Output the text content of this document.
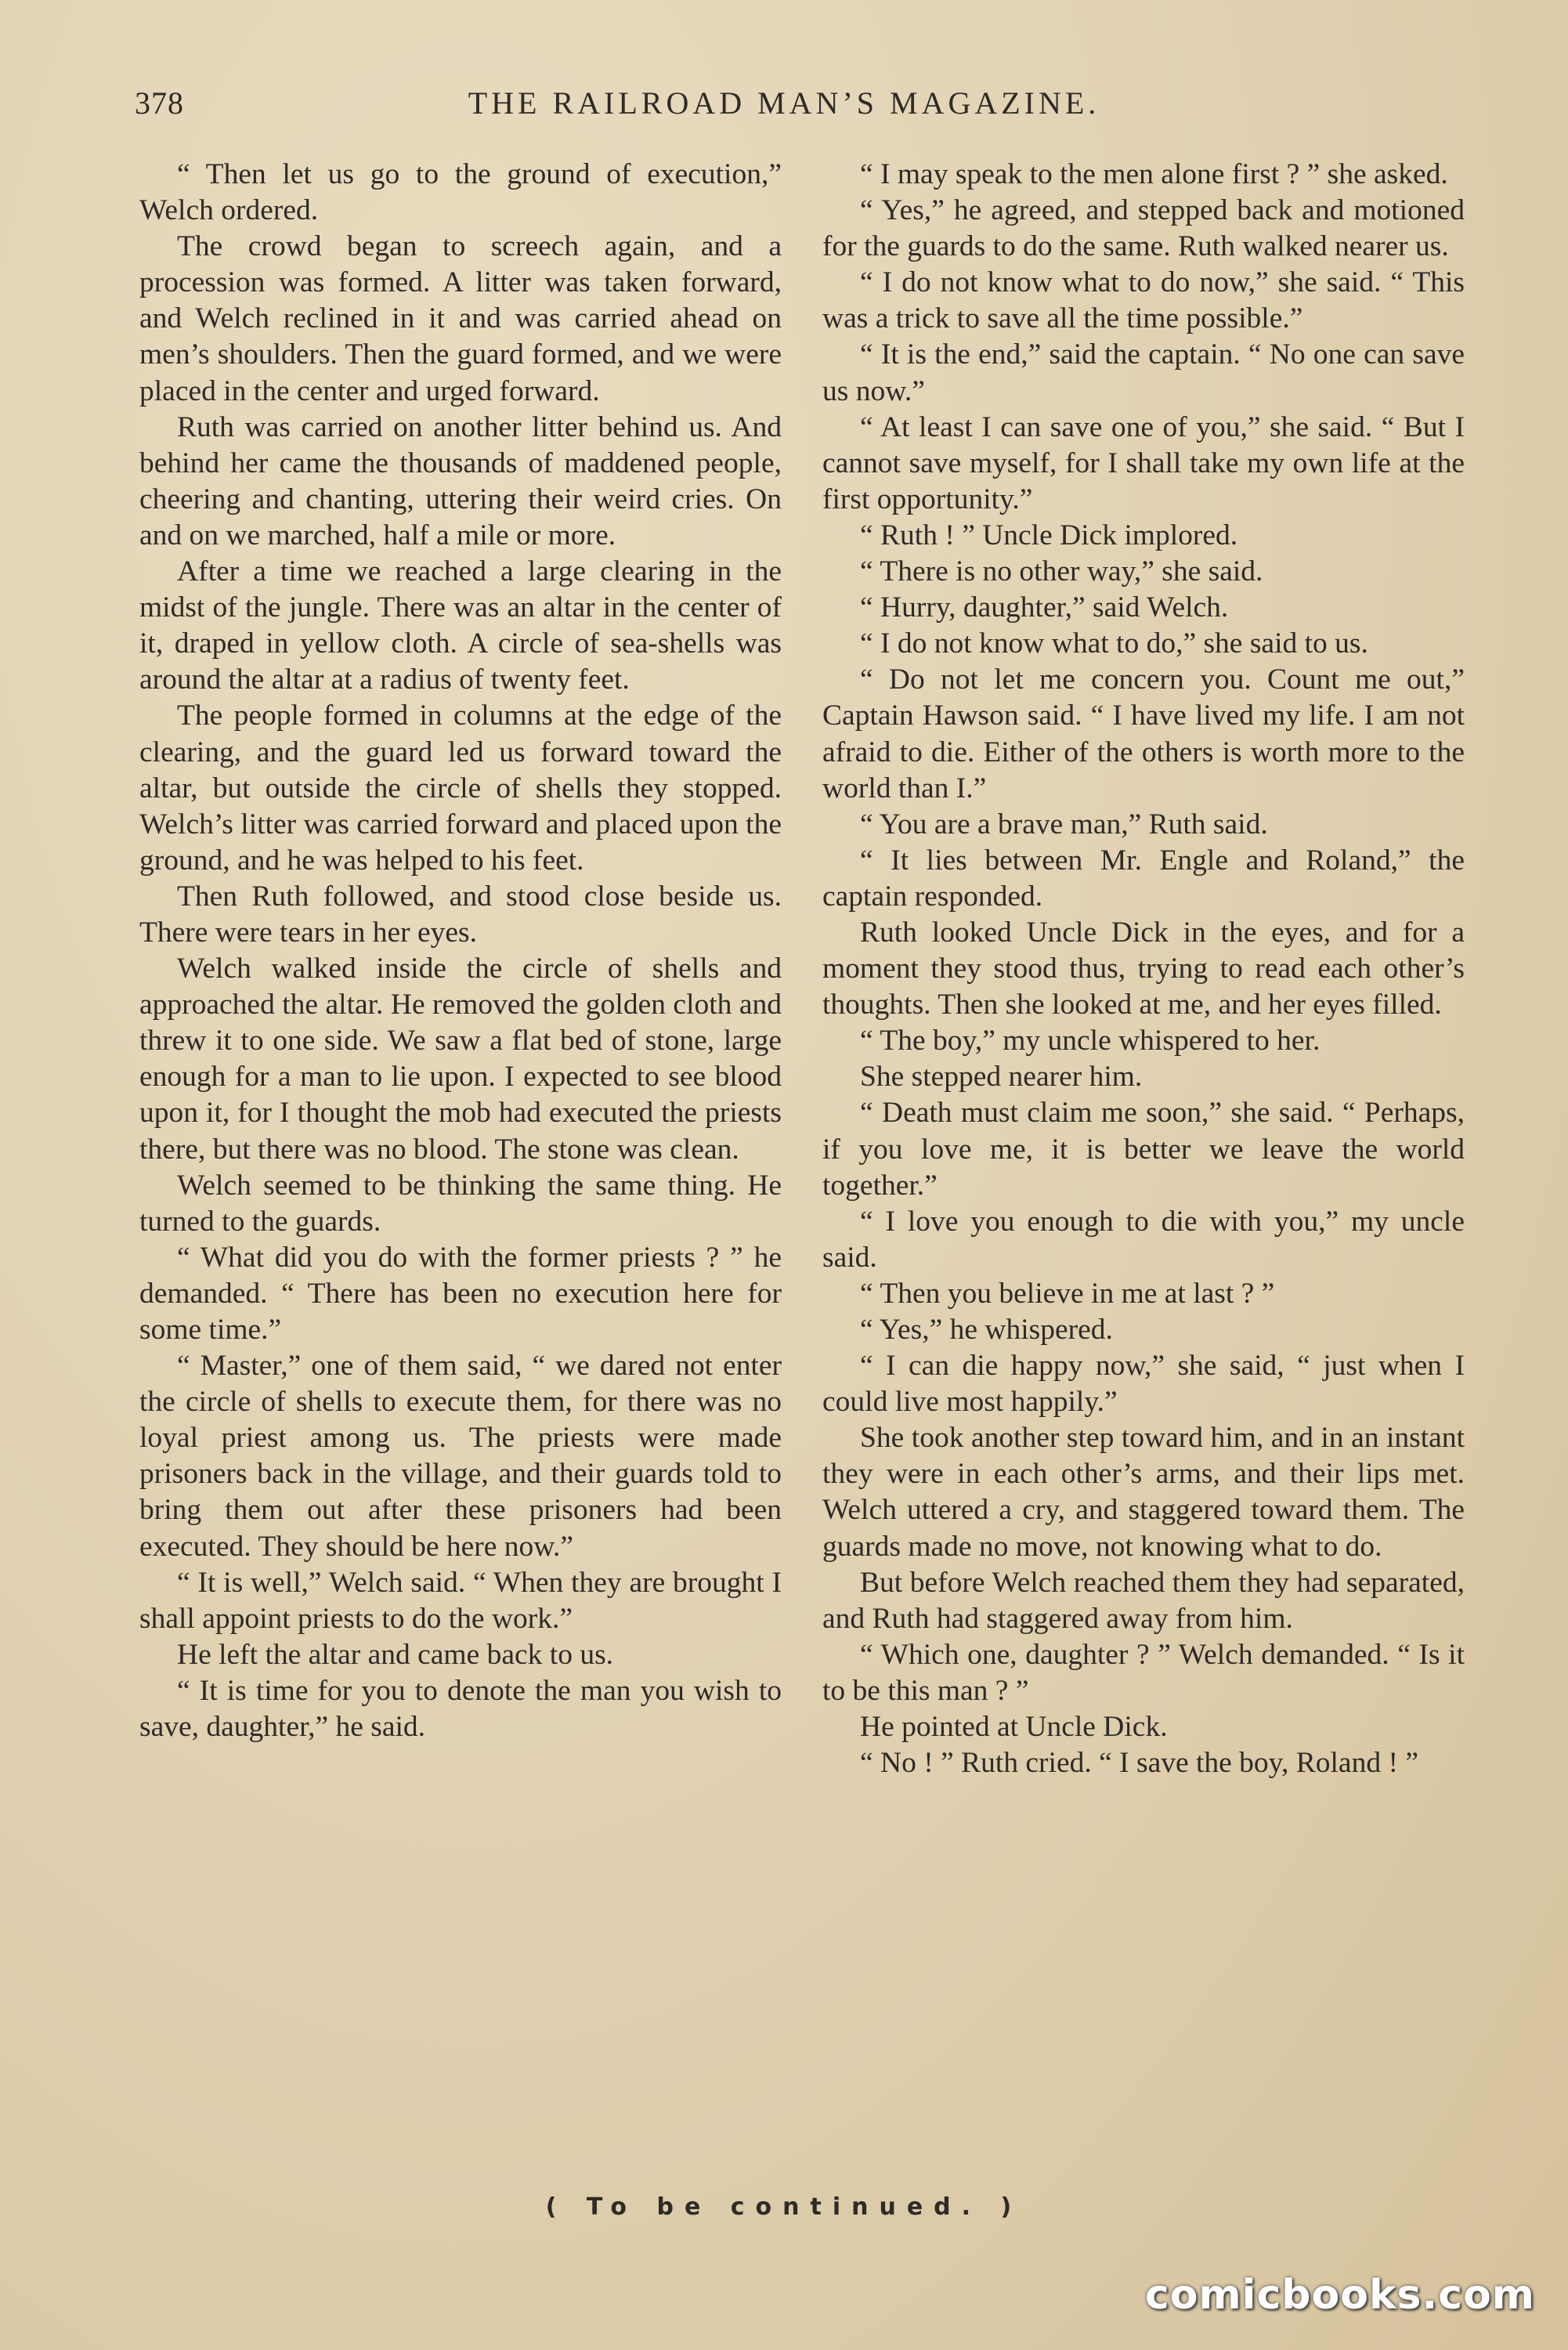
378	THE RAILROAD MAN’S MAGAZINE.

“ Then let us go to the ground of execution,” Welch ordered.

The crowd began to screech again, and a procession was formed. A litter was taken forward, and Welch reclined in it and was carried ahead on men’s shoulders. Then the guard formed, and we were placed in the center and urged forward.

Ruth was carried on another litter behind us. And behind her came the thousands of maddened people, cheering and chanting, uttering their weird cries. On and on we marched, half a mile or more.

After a time we reached a large clearing in the midst of the jungle. There was an altar in the center of it, draped in yellow cloth. A circle of sea-shells was around the altar at a radius of twenty feet.

The people formed in columns at the edge of the clearing, and the guard led us forward toward the altar, but outside the circle of shells they stopped. Welch’s litter was carried forward and placed upon the ground, and he was helped to his feet.

Then Ruth followed, and stood close beside us. There were tears in her eyes.

Welch walked inside the circle of shells and approached the altar. He removed the golden cloth and threw it to one side. We saw a flat bed of stone, large enough for a man to lie upon. I expected to see blood upon it, for I thought the mob had executed the priests there, but there was no blood. The stone was clean.

Welch seemed to be thinking the same thing. He turned to the guards.

“ What did you do with the former priests ? ” he demanded. “ There has been no execution here for some time.”

“ Master,” one of them said, “ we dared not enter the circle of shells to execute them, for there was no loyal priest among us. The priests were made prisoners back in the village, and their guards told to bring them out after these prisoners had been executed. They should be here now.”

“ It is well,” Welch said. “ When they are brought I shall appoint priests to do the work.”

He left the altar and came back to us.

“ It is time for you to denote the man you wish to save, daughter,” he said.

“ I may speak to the men alone first ? ” she asked.

“ Yes,” he agreed, and stepped back and motioned for the guards to do the same. Ruth walked nearer us.

“ I do not know what to do now,” she said. “ This was a trick to save all the time possible.”

“ It is the end,” said the captain. “ No one can save us now.”

“ At least I can save one of you,” she said. “ But I cannot save myself, for I shall take my own life at the first opportunity.”

“ Ruth ! ” Uncle Dick implored.

“ There is no other way,” she said.

“ Hurry, daughter,” said Welch.

“ I do not know what to do,” she said to us.

“ Do not let me concern you. Count me out,” Captain Hawson said. “ I have lived my life. I am not afraid to die. Either of the others is worth more to the world than I.”

“ You are a brave man,” Ruth said.

“ It lies between Mr. Engle and Roland,” the captain responded.

Ruth looked Uncle Dick in the eyes, and for a moment they stood thus, trying to read each other’s thoughts. Then she looked at me, and her eyes filled.

“ The boy,” my uncle whispered to her.

She stepped nearer him.

“ Death must claim me soon,” she said. “ Perhaps, if you love me, it is better we leave the world together.”

“ I love you enough to die with you,” my uncle said.

“ Then you believe in me at last ? ”

“ Yes,” he whispered.

“ I can die happy now,” she said, “ just when I could live most happily.”

She took another step toward him, and in an instant they were in each other’s arms, and their lips met. Welch uttered a cry, and staggered toward them. The guards made no move, not knowing what to do.

But before Welch reached them they had separated, and Ruth had staggered away from him.

“ Which one, daughter ? ” Welch demanded. “ Is it to be this man ? ”

He pointed at Uncle Dick.

“ No ! ” Ruth cried. “ I save the boy, Roland ! ”

( To be continued. )
comicbooks.com
